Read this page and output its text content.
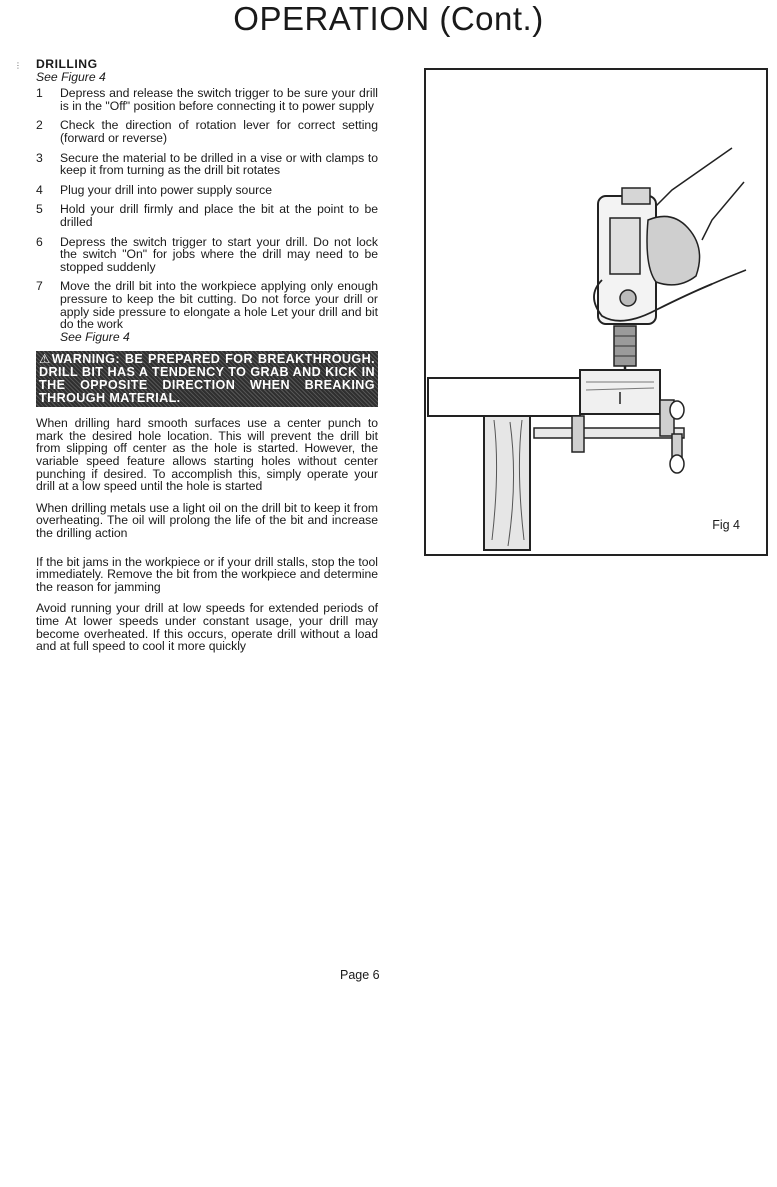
OPERATION (Cont.)
⋮ DRILLING
See Figure 4
1 Depress and release the switch trigger to be sure your drill is in the "Off" position before connecting it to power supply
2 Check the direction of rotation lever for correct setting (forward or reverse)
3 Secure the material to be drilled in a vise or with clamps to keep it from turning as the drill bit rotates
4 Plug your drill into power supply source
5 Hold your drill firmly and place the bit at the point to be drilled
6 Depress the switch trigger to start your drill. Do not lock the switch "On" for jobs where the drill may need to be stopped suddenly
7 Move the drill bit into the workpiece applying only enough pressure to keep the bit cutting. Do not force your drill or apply side pressure to elongate a hole Let your drill and bit do the work
See Figure 4
⚠WARNING: BE PREPARED FOR BREAKTHROUGH. DRILL BIT HAS A TENDENCY TO GRAB AND KICK IN THE OPPOSITE DIRECTION WHEN BREAKING THROUGH MATERIAL.
When drilling hard smooth surfaces use a center punch to mark the desired hole location. This will prevent the drill bit from slipping off center as the hole is started. However, the variable speed feature allows starting holes without center punching if desired. To accomplish this, simply operate your drill at a low speed until the hole is started
When drilling metals use a light oil on the drill bit to keep it from overheating. The oil will prolong the life of the bit and increase the drilling action
If the bit jams in the workpiece or if your drill stalls, stop the tool immediately. Remove the bit from the workpiece and determine the reason for jamming
Avoid running your drill at low speeds for extended periods of time At lower speeds under constant usage, your drill may become overheated. If this occurs, operate drill without a load and at full speed to cool it more quickly
Fig 4
Page 6
